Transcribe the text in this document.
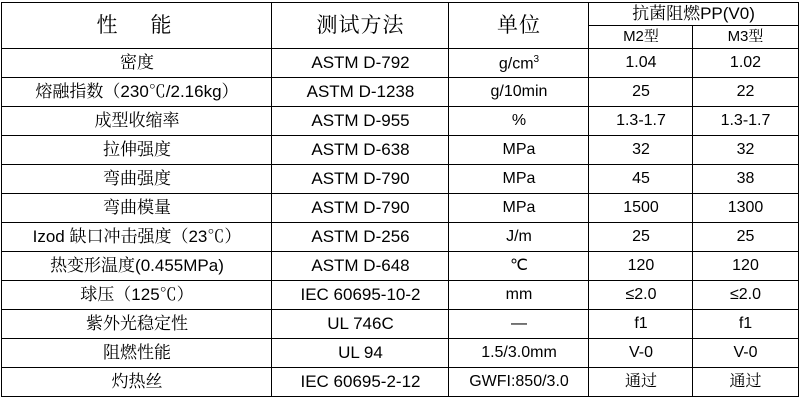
性　能	测试方法	单位	抗菌阻燃PP(V0)	
			M2型	M3型
密度	ASTM D-792	$g/cm^3$	1.04	1.02
熔融指数（230℃/2.16kg）	ASTM D-1238	g/10min	25	22
成型收缩率	ASTM D-955	%	1.3-1.7	1.3-1.7
拉伸强度	ASTM D-638	MPa	32	32
弯曲强度	ASTM D-790	MPa	45	38
弯曲模量	ASTM D-790	MPa	1500	1300
Izod 缺口冲击强度（23℃）	ASTM D-256	J/m	25	25
热变形温度(0.455MPa)	ASTM D-648	℃	120	120
球压（125℃）	IEC 60695-10-2	mm	≤2.0	≤2.0
紫外光稳定性	UL 746C	—	f1	f1
阻燃性能	UL 94	1.5/3.0mm	V-0	V-0
灼热丝	IEC 60695-2-12	GWFI:850/3.0	通过	通过
